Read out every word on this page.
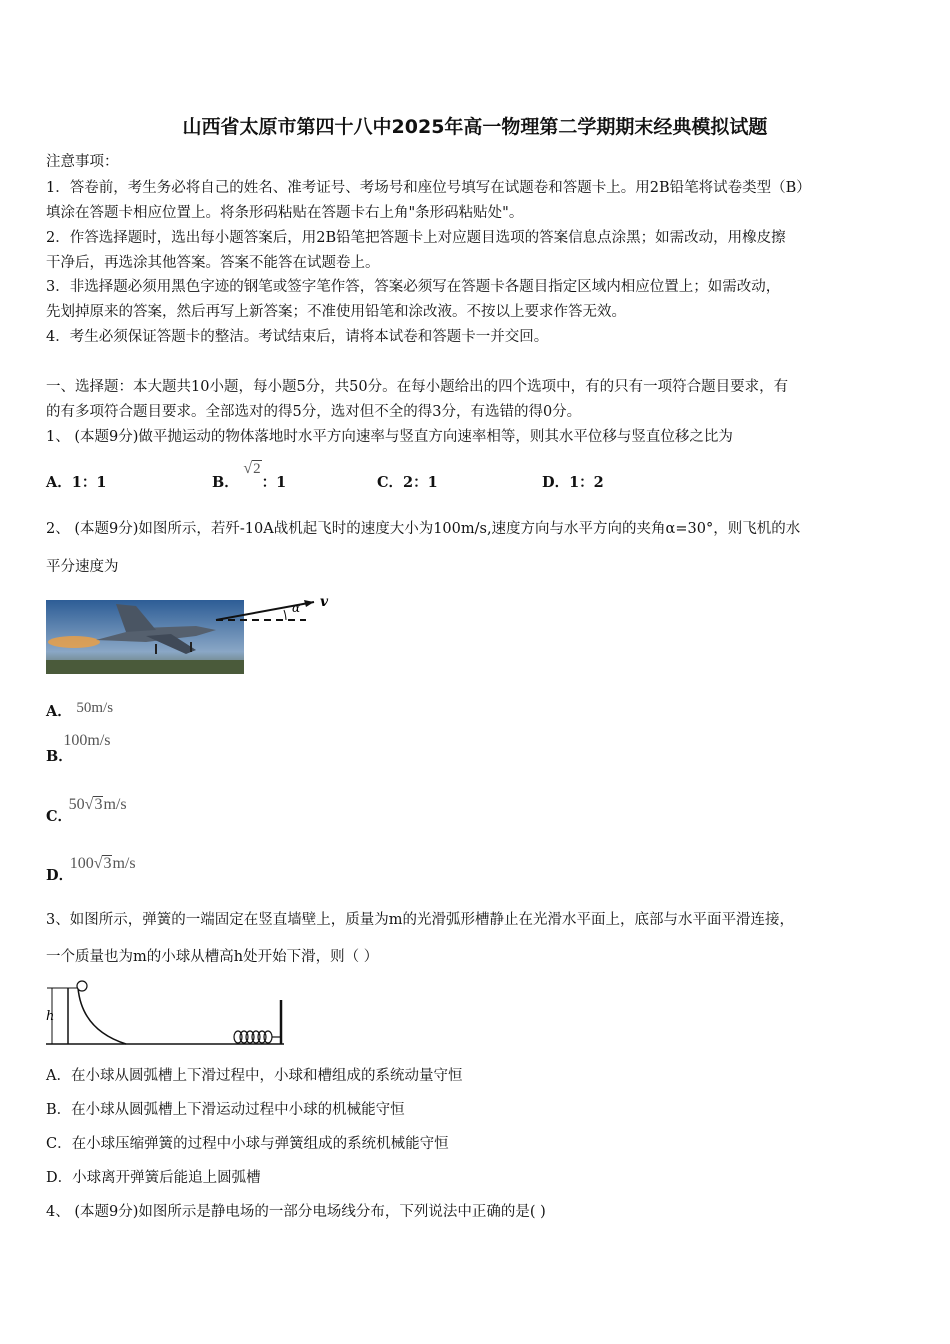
山西省太原市第四十八中2025年高一物理第二学期期末经典模拟试题
注意事项：
1．答卷前，考生务必将自己的姓名、准考证号、考场号和座位号填写在试题卷和答题卡上。用2B铅笔将试卷类型（B）
填涂在答题卡相应位置上。将条形码粘贴在答题卡右上角"条形码粘贴处"。
2．作答选择题时，选出每小题答案后，用2B铅笔把答题卡上对应题目选项的答案信息点涂黑；如需改动，用橡皮擦
干净后，再选涂其他答案。答案不能答在试题卷上。
3．非选择题必须用黑色字迹的钢笔或签字笔作答，答案必须写在答题卡各题目指定区域内相应位置上；如需改动，
先划掉原来的答案，然后再写上新答案；不准使用铅笔和涂改液。不按以上要求作答无效。
4．考生必须保证答题卡的整洁。考试结束后，请将本试卷和答题卡一并交回。
一、选择题：本大题共10小题，每小题5分，共50分。在每小题给出的四个选项中，有的只有一项符合题目要求，有
的有多项符合题目要求。全部选对的得5分，选对但不全的得3分，有选错的得0分。
1、 (本题9分)做平抛运动的物体落地时水平方向速率与竖直方向速率相等，则其水平位移与竖直位移之比为
A．1：1	B． √2：1	C．2：1	D．1：2
2、 (本题9分)如图所示，若歼-10A战机起飞时的速度大小为100m/s,速度方向与水平方向的夹角α=30°，则飞机的水
平分速度为
α v
A． 50m/s
B． 100m/s
C． 50√3m/s
D． 100√3m/s
3、如图所示，弹簧的一端固定在竖直墙壁上，质量为m的光滑弧形槽静止在光滑水平面上，底部与水平面平滑连接，
一个质量也为m的小球从槽高h处开始下滑，则（ ）
h
A．在小球从圆弧槽上下滑过程中，小球和槽组成的系统动量守恒
B．在小球从圆弧槽上下滑运动过程中小球的机械能守恒
C．在小球压缩弹簧的过程中小球与弹簧组成的系统机械能守恒
D．小球离开弹簧后能追上圆弧槽
4、 (本题9分)如图所示是静电场的一部分电场线分布，下列说法中正确的是( )
